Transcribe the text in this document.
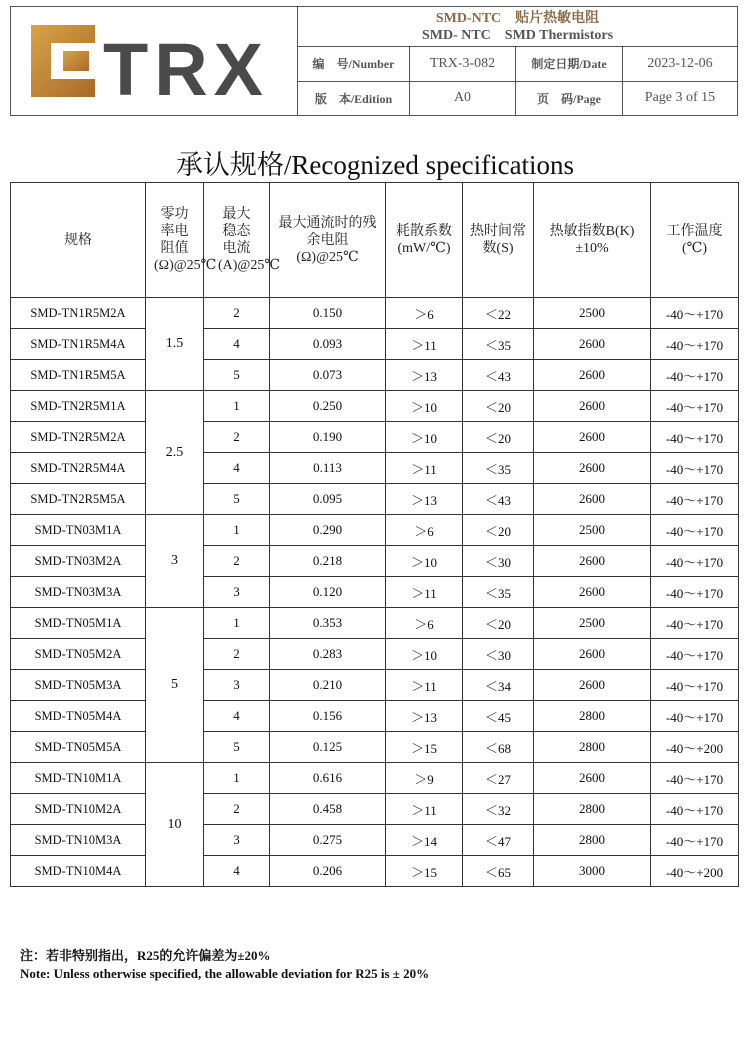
TRX
SMD-NTC　贴片热敏电阻
SMD- NTC　SMD Thermistors
编　号/Number	TRX-3-082	制定日期/Date	2023-12-06
版　本/Edition	A0	页　码/Page	Page 3 of 15
承认规格/Recognized specifications
规格	零功率电阻值(Ω)@25℃	最大稳态电流(A)@25℃	最大通流时的残余电阻(Ω)@25℃	耗散系数(mW/℃)	热时间常数(S)	热敏指数B(K)±10%	工作温度(℃)
SMD-TN1R5M2A	1.5	2	0.150	＞6	＜22	2500	-40～+170
SMD-TN1R5M4A		4	0.093	＞11	＜35	2600	-40～+170
SMD-TN1R5M5A		5	0.073	＞13	＜43	2600	-40～+170
SMD-TN2R5M1A	2.5	1	0.250	＞10	＜20	2600	-40～+170
SMD-TN2R5M2A		2	0.190	＞10	＜20	2600	-40～+170
SMD-TN2R5M4A		4	0.113	＞11	＜35	2600	-40～+170
SMD-TN2R5M5A		5	0.095	＞13	＜43	2600	-40～+170
SMD-TN03M1A	3	1	0.290	＞6	＜20	2500	-40～+170
SMD-TN03M2A		2	0.218	＞10	＜30	2600	-40～+170
SMD-TN03M3A		3	0.120	＞11	＜35	2600	-40～+170
SMD-TN05M1A	5	1	0.353	＞6	＜20	2500	-40～+170
SMD-TN05M2A		2	0.283	＞10	＜30	2600	-40～+170
SMD-TN05M3A		3	0.210	＞11	＜34	2600	-40～+170
SMD-TN05M4A		4	0.156	＞13	＜45	2800	-40～+170
SMD-TN05M5A		5	0.125	＞15	＜68	2800	-40～+200
SMD-TN10M1A	10	1	0.616	＞9	＜27	2600	-40～+170
SMD-TN10M2A		2	0.458	＞11	＜32	2800	-40～+170
SMD-TN10M3A		3	0.275	＞14	＜47	2800	-40～+170
SMD-TN10M4A		4	0.206	＞15	＜65	3000	-40～+200
注：若非特别指出，R25的允许偏差为±20%
Note: Unless otherwise specified, the allowable deviation for R25 is ± 20%
